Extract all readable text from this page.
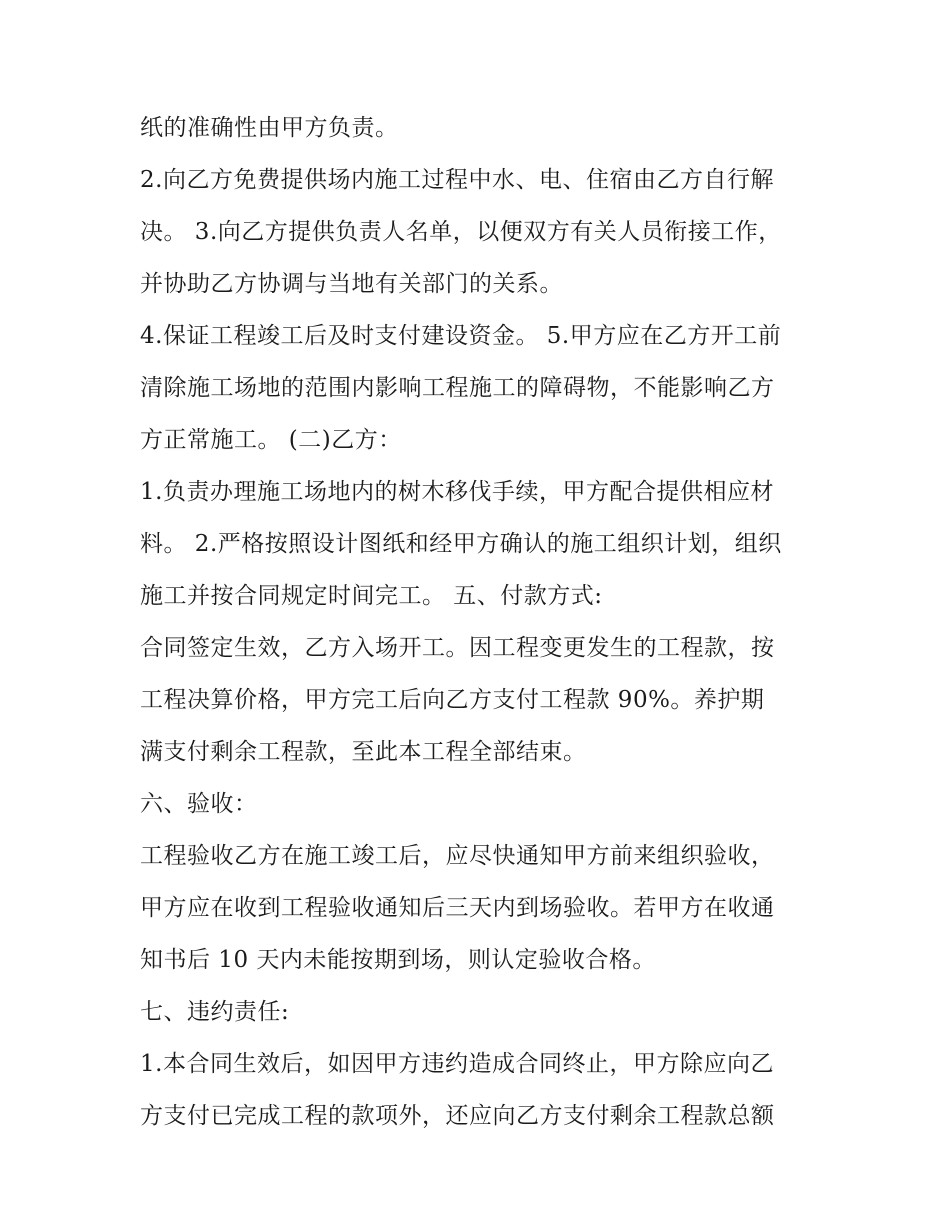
纸的准确性由甲方负责。
2.向乙方免费提供场内施工过程中水、电、住宿由乙方自行解
决。 3.向乙方提供负责人名单，以便双方有关人员衔接工作，
并协助乙方协调与当地有关部门的关系。
4.保证工程竣工后及时支付建设资金。 5.甲方应在乙方开工前
清除施工场地的范围内影响工程施工的障碍物，不能影响乙方
方正常施工。 (二)乙方：
1.负责办理施工场地内的树木移伐手续，甲方配合提供相应材
料。 2.严格按照设计图纸和经甲方确认的施工组织计划，组织
施工并按合同规定时间完工。 五、付款方式:
合同签定生效，乙方入场开工。因工程变更发生的工程款，按
工程决算价格，甲方完工后向乙方支付工程款 90%。养护期
满支付剩余工程款，至此本工程全部结束。
六、验收：
工程验收乙方在施工竣工后，应尽快通知甲方前来组织验收，
甲方应在收到工程验收通知后三天内到场验收。若甲方在收通
知书后 10 天内未能按期到场，则认定验收合格。
七、违约责任:
1.本合同生效后，如因甲方违约造成合同终止，甲方除应向乙
方支付已完成工程的款项外，还应向乙方支付剩余工程款总额
